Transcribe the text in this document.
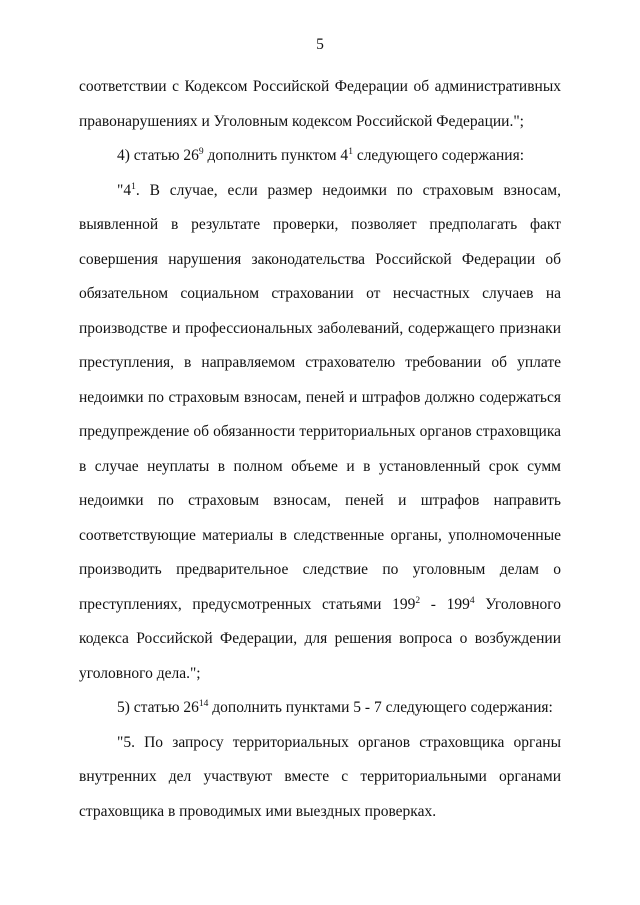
5

соответствии с Кодексом Российской Федерации об административных правонарушениях и Уголовным кодексом Российской Федерации.";

4) статью $26^9$ дополнить пунктом $4^1$ следующего содержания:

"$4^1$. В случае, если размер недоимки по страховым взносам, выявленной в результате проверки, позволяет предполагать факт совершения нарушения законодательства Российской Федерации об обязательном социальном страховании от несчастных случаев на производстве и профессиональных заболеваний, содержащего признаки преступления, в направляемом страхователю требовании об уплате недоимки по страховым взносам, пеней и штрафов должно содержаться предупреждение об обязанности территориальных органов страховщика в случае неуплаты в полном объеме и в установленный срок сумм недоимки по страховым взносам, пеней и штрафов направить соответствующие материалы в следственные органы, уполномоченные производить предварительное следствие по уголовным делам о преступлениях, предусмотренных статьями $199^2 - 199^4$ Уголовного кодекса Российской Федерации, для решения вопроса о возбуждении уголовного дела.";

5) статью $26^{14}$ дополнить пунктами 5 - 7 следующего содержания:

"5. По запросу территориальных органов страховщика органы внутренних дел участвуют вместе с территориальными органами страховщика в проводимых ими выездных проверках.
